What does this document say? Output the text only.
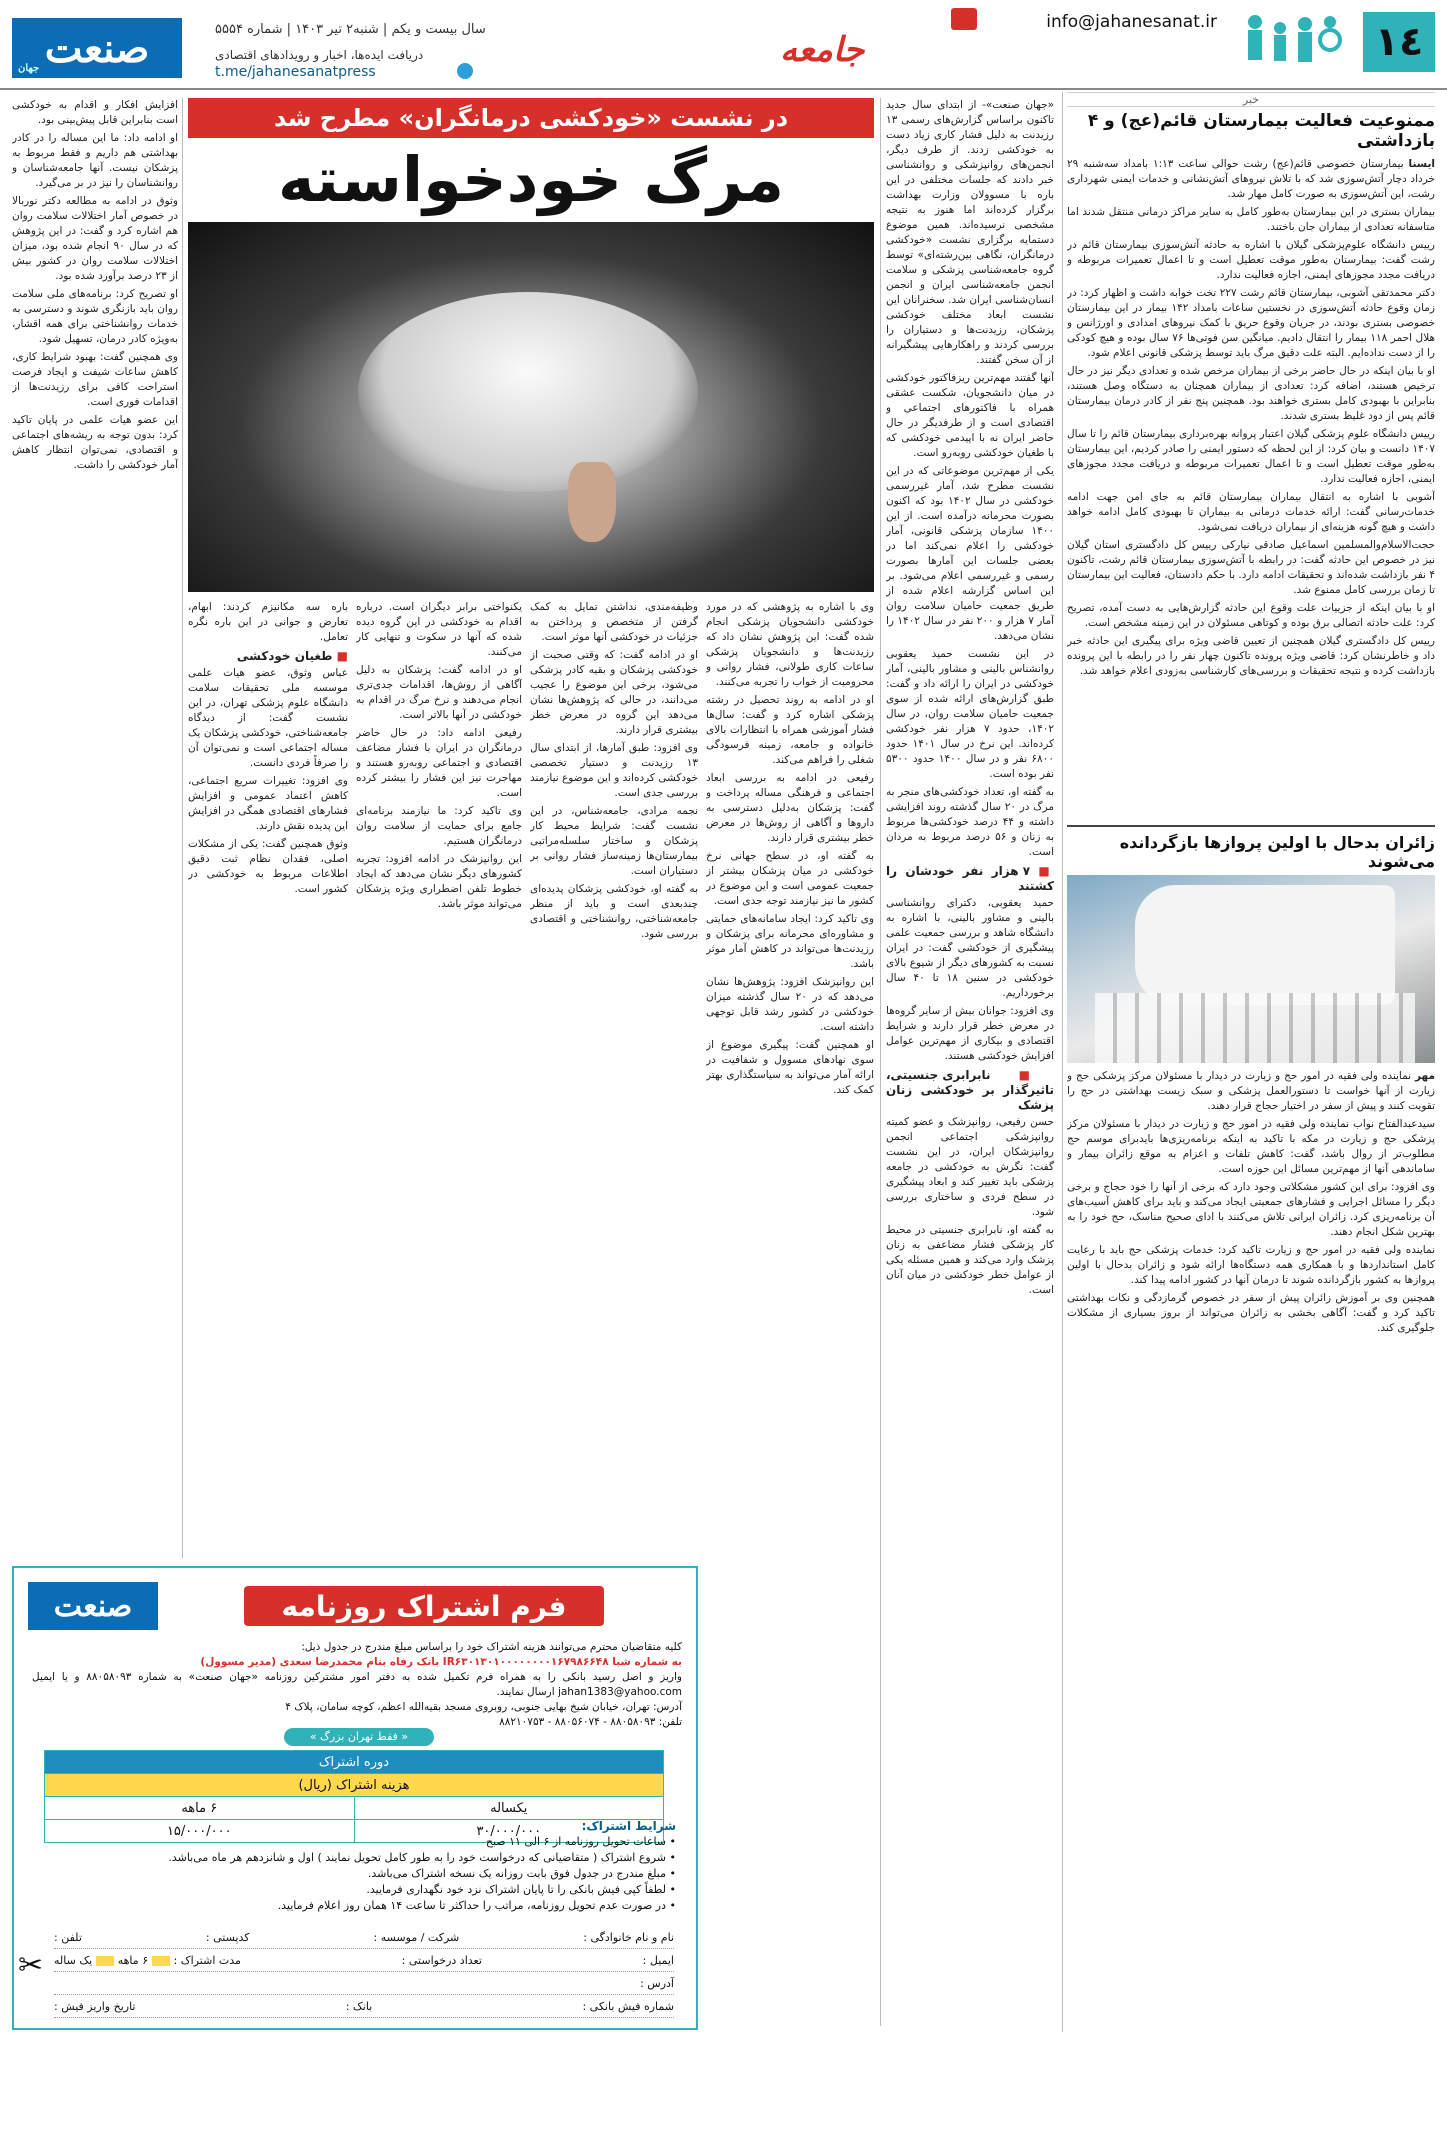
١٤
info@jahanesanat.ir
جامعه
سال بیست و یکم | شنبه۲ تیر ۱۴۰۳ | شماره ۵۵۵۴
دریافت ایده‌ها، اخبار و رویدادهای اقتصادی
t.me/jahanesanatpress
صنعت
جهان
خبر
ممنوعیت فعالیت بیمارستان قائم(عج) و ۴ بازداشتی

ایسنا بیمارستان خصوصی قائم(عج) رشت حوالی ساعت ۱:۱۳ بامداد سه‌شنبه ۲۹ خرداد دچار آتش‌سوزی شد که با تلاش نیروهای آتش‌نشانی و خدمات ایمنی شهرداری رشت، این آتش‌سوزی به صورت کامل مهار شد.

بیماران بستری در این بیمارستان به‌طور کامل به سایر مراکز درمانی منتقل شدند اما متاسفانه تعدادی از بیماران جان باختند.

رییس دانشگاه علوم‌پزشکی گیلان با اشاره به حادثه آتش‌سوزی بیمارستان قائم در رشت گفت: بیمارستان به‌طور موقت تعطیل است و تا اعمال تعمیرات مربوطه و دریافت مجدد مجوزهای ایمنی، اجازه فعالیت ندارد.

دکتر محمدتقی آشوبی، بیمارستان قائم رشت ۲۲۷ تخت خوابه داشت و اظهار کرد: در زمان وقوع حادثه آتش‌سوزی در نخستین ساعات بامداد ۱۴۲ بیمار در این بیمارستان خصوصی بستری بودند، در جریان وقوع حریق با کمک نیروهای امدادی و اورژانس و هلال احمر ۱۱۸ بیمار را انتقال دادیم. میانگین سن فوتی‌ها ۷۶ سال بوده و هیچ کودکی را از دست نداده‌ایم. البته علت دقیق مرگ باید توسط پزشکی قانونی اعلام شود.

او با بیان اینکه در حال حاضر برخی از بیماران مرخص شده و تعدادی دیگر نیز در حال ترخیص هستند، اضافه کرد: تعدادی از بیماران همچنان به دستگاه وصل هستند، بنابراین با بهبودی کامل بستری خواهند بود. همچنین پنج نفر از کادر درمان بیمارستان قائم پس از دود غلیظ بستری شدند.

رییس دانشگاه علوم پزشکی گیلان اعتبار پروانه بهره‌برداری بیمارستان قائم را تا سال ۱۴۰۷ دانست و بیان کرد: از این لحظه که دستور ایمنی را صادر کردیم، این بیمارستان به‌طور موقت تعطیل است و تا اعمال تعمیرات مربوطه و دریافت مجدد مجوزهای ایمنی، اجازه فعالیت ندارد.

آشوبی با اشاره به انتقال بیماران بیمارستان قائم به جای امن جهت ادامه خدمات‌رسانی گفت: ارائه خدمات درمانی به بیماران تا بهبودی کامل ادامه خواهد داشت و هیچ گونه هزینه‌ای از بیماران دریافت نمی‌شود.

حجت‌الاسلام‌والمسلمین اسماعیل صادقی نیارکی رییس کل دادگستری استان گیلان نیز در خصوص این حادثه گفت: در رابطه با آتش‌سوزی بیمارستان قائم رشت، تاکنون ۴ نفر بازداشت شده‌اند و تحقیقات ادامه دارد. با حکم دادستان، فعالیت این بیمارستان تا زمان بررسی کامل ممنوع شد.

او با بیان اینکه از جزییات علت وقوع این حادثه گزارش‌هایی به دست آمده، تصریح کرد: علت حادثه اتصالی برق بوده و کوتاهی مسئولان در این زمینه مشخص است.

رییس کل دادگستری گیلان همچنین از تعیین قاضی ویژه برای پیگیری این حادثه خبر داد و خاطرنشان کرد: قاضی ویژه پرونده تاکنون چهار نفر را در رابطه با این پرونده بازداشت کرده و نتیجه تحقیقات و بررسی‌های کارشناسی به‌زودی اعلام خواهد شد.

زائران بدحال با اولین پروازها بازگردانده می‌شوند

مهر نماینده ولی فقیه در امور حج و زیارت در دیدار با مسئولان مرکز پزشکی حج و زیارت از آنها خواست تا دستورالعمل پزشکی و سبک زیست بهداشتی در حج را تقویت کنند و پیش از سفر در اختیار حجاج قرار دهند.

سیدعبدالفتاح نواب نماینده ولی فقیه در امور حج و زیارت در دیدار با مسئولان مرکز پزشکی حج و زیارت در مکه با تاکید به اینکه برنامه‌ریزی‌ها بایدبرای موسم حج مطلوب‌تر از روال باشد، گفت: کاهش تلفات و اعزام به موقع زائران بیمار و ساماندهی آنها از مهم‌ترین مسائل این حوزه است.

وی افزود: برای این کشور مشکلاتی وجود دارد که برخی از آنها را خود حجاج و برخی دیگر را مسائل اجرایی و فشارهای جمعیتی ایجاد می‌کند و باید برای کاهش آسیب‌های آن برنامه‌ریزی کرد. زائران ایرانی تلاش می‌کنند با ادای صحیح مناسک، حج خود را به بهترین شکل انجام دهند.

نماینده ولی فقیه در امور حج و زیارت تاکید کرد: خدمات پزشکی حج باید با رعایت کامل استانداردها و با همکاری همه دستگاه‌ها ارائه شود و زائران بدحال با اولین پروازها به کشور بازگردانده شوند تا درمان آنها در کشور ادامه پیدا کند.

همچنین وی بر آموزش زائران پیش از سفر در خصوص گرمازدگی و نکات بهداشتی تاکید کرد و گفت: آگاهی بخشی به زائران می‌تواند از بروز بسیاری از مشکلات جلوگیری کند.

در نشست «خودکشی درمانگران» مطرح شد
مرگ خودخواسته

«جهان صنعت»- از ابتدای سال جدید تاکنون براساس گزارش‌های رسمی ۱۳ رزیدنت به دلیل فشار کاری زیاد دست به خودکشی زدند. از طرف دیگر، انجمن‌های روانپزشکی و روانشناسی خبر دادند که جلسات مختلفی در این باره با مسوولان وزارت بهداشت برگزار کرده‌اند اما هنوز به نتیجه مشخصی نرسیده‌اند. همین موضوع دستمایه برگزاری نشست «خودکشی درمانگران، نگاهی بین‌رشته‌ای» توسط گروه جامعه‌شناسی پزشکی و سلامت انجمن جامعه‌شناسی ایران و انجمن انسان‌شناسی ایران شد. سخنرانان این نشست ابعاد مختلف خودکشی پزشکان، رزیدنت‌ها و دستیاران را بررسی کردند و راهکارهایی پیشگیرانه از آن سخن گفتند.

آنها گفتند مهم‌ترین ریزفاکتور خودکشی در میان دانشجویان، شکست عشقی همراه با فاکتورهای اجتماعی و اقتصادی است و از طرفدیگر در حال حاضر ایران نه با اپیدمی خودکشی که با طغیان خودکشی روبه‌رو است.

یکی از مهم‌ترین موضوعاتی که در این نشست مطرح شد، آمار غیررسمی خودکشی در سال ۱۴۰۲ بود که اکنون بصورت محرمانه درآمده است. از این ۱۴۰۰ سازمان پزشکی قانونی، آمار خودکشی را اعلام نمی‌کند اما در بعضی جلسات این آمارها بصورت رسمی و غیررسمی اعلام می‌شود. بر این اساس گزارشه اعلام شده از طریق جمعیت حامیان سلامت روان آمار ۷ هزار و ۲۰۰ نفر در سال ۱۴۰۲ را نشان می‌دهد.

در این نشست حمید یعقوبی روانشناس بالینی و مشاور بالینی، آمار خودکشی در ایران را ارائه داد و گفت: طبق گزارش‌های ارائه شده از سوی جمعیت حامیان سلامت روان، در سال ۱۴۰۲، حدود ۷ هزار نفر خودکشی کرده‌اند. این نرخ در سال ۱۴۰۱ حدود ۶۸۰۰ نفر و در سال ۱۴۰۰ حدود ۵۳۰۰ نفر بوده است.

به گفته او، تعداد خودکشی‌های منجر به مرگ در ۲۰ سال گذشته روند افزایشی داشته و ۴۴ درصد خودکشی‌ها مربوط به زنان و ۵۶ درصد مربوط به مردان است.

■ ۷ هزار نفر خودشان را کشتند

حمید یعقوبی، دکترای روانشناسی بالینی و مشاور بالینی، با اشاره به دانشگاه شاهد و بررسی جمعیت علمی پیشگیری از خودکشی گفت: در ایران نسبت به کشورهای دیگر از شیوع بالای خودکشی در سنین ۱۸ تا ۴۰ سال برخورداریم.

وی افزود: جوانان بیش از سایر گروه‌ها در معرض خطر قرار دارند و شرایط اقتصادی و بیکاری از مهم‌ترین عوامل افزایش خودکشی هستند.

■ نابرابری جنسیتی، تاثیرگذار بر خودکشی زنان پزشک

حسن رفیعی، روانپزشک و عضو کمیته روانپزشکی اجتماعی انجمن روانپزشکان ایران، در این نشست گفت: نگرش به خودکشی در جامعه پزشکی باید تغییر کند و ابعاد پیشگیری در سطح فردی و ساختاری بررسی شود.

به گفته او، نابرابری جنسیتی در محیط کار پزشکی فشار مضاعفی به زنان پزشک وارد می‌کند و همین مسئله یکی از عوامل خطر خودکشی در میان آنان است.

وی با اشاره به پژوهشی که در مورد خودکشی دانشجویان پزشکی انجام شده گفت: این پژوهش نشان داد که رزیدنت‌ها و دانشجویان پزشکی ساعات کاری طولانی، فشار روانی و محرومیت از خواب را تجربه می‌کنند.

او در ادامه به روند تحصیل در رشته پزشکی اشاره کرد و گفت: سال‌ها فشار آموزشی همراه با انتظارات بالای خانواده و جامعه، زمینه فرسودگی شغلی را فراهم می‌کند.

رفیعی در ادامه به بررسی ابعاد اجتماعی و فرهنگی مساله پرداخت و گفت: پزشکان به‌دلیل دسترسی به داروها و آگاهی از روش‌ها در معرض خطر بیشتری قرار دارند.

به گفته او، در سطح جهانی نرخ خودکشی در میان پزشکان بیشتر از جمعیت عمومی است و این موضوع در کشور ما نیز نیازمند توجه جدی است.

وی تاکید کرد: ایجاد سامانه‌های حمایتی و مشاوره‌ای محرمانه برای پزشکان و رزیدنت‌ها می‌تواند در کاهش آمار موثر باشد.

این روانپزشک افزود: پژوهش‌ها نشان می‌دهد که در ۲۰ سال گذشته میزان خودکشی در کشور رشد قابل توجهی داشته است.

او همچنین گفت: پیگیری موضوع از سوی نهادهای مسوول و شفافیت در ارائه آمار می‌تواند به سیاستگذاری بهتر کمک کند.

وظیفه‌مندی، نداشتن تمایل به کمک گرفتن از متخصص و پرداختن به جزئیات در خودکشی آنها موثر است.

او در ادامه گفت: که وقتی صحبت از خودکشی پزشکان و بقیه کادر پزشکی می‌شود، برخی این موضوع را عجیب می‌دانند، در حالی که پژوهش‌ها نشان می‌دهد این گروه در معرض خطر بیشتری قرار دارند.

وی افزود: طبق آمارها، از ابتدای سال ۱۳ رزیدنت و دستیار تخصصی خودکشی کرده‌اند و این موضوع نیازمند بررسی جدی است.

نجمه مرادی، جامعه‌شناس، در این نشست گفت: شرایط محیط کار پزشکان و ساختار سلسله‌مراتبی بیمارستان‌ها زمینه‌ساز فشار روانی بر دستیاران است.

به گفته او، خودکشی پزشکان پدیده‌ای چندبعدی است و باید از منظر جامعه‌شناختی، روانشناختی و اقتصادی بررسی شود.

یکنواختی برابر دیگران است. درباره اقدام به خودکشی در این گروه دیده شده که آنها در سکوت و تنهایی کار می‌کنند.

او در ادامه گفت: پزشکان به دلیل آگاهی از روش‌ها، اقدامات جدی‌تری انجام می‌دهند و نرخ مرگ در اقدام به خودکشی در آنها بالاتر است.

رفیعی ادامه داد: در حال حاضر درمانگران در ایران با فشار مضاعف اقتصادی و اجتماعی روبه‌رو هستند و مهاجرت نیز این فشار را بیشتر کرده است.

وی تاکید کرد: ما نیازمند برنامه‌ای جامع برای حمایت از سلامت روان درمانگران هستیم.

این روانپزشک در ادامه افزود: تجربه کشورهای دیگر نشان می‌دهد که ایجاد خطوط تلفن اضطراری ویژه پزشکان می‌تواند موثر باشد.

باره سه مکانیزم کردند: ابهام، تعارض و جوانی در این باره نگره تعامل.

■ طغیان خودکشی

عباس وثوق، عضو هیات علمی موسسه ملی تحقیقات سلامت دانشگاه علوم پزشکی تهران، در این نشست گفت: از دیدگاه جامعه‌شناختی، خودکشی پزشکان یک مساله اجتماعی است و نمی‌توان آن را صرفاً فردی دانست.

وی افزود: تغییرات سریع اجتماعی، کاهش اعتماد عمومی و افزایش فشارهای اقتصادی همگی در افزایش این پدیده نقش دارند.

وثوق همچنین گفت: یکی از مشکلات اصلی، فقدان نظام ثبت دقیق اطلاعات مربوط به خودکشی در کشور است.

افزایش افکار و اقدام به خودکشی است بنابراین قابل پیش‌بینی بود.

او ادامه داد: ما این مساله را در کادر بهداشتی هم داریم و فقط مربوط به پزشکان نیست. آنها جامعه‌شناسان و روانشناسان را نیز در بر می‌گیرد.

وثوق در ادامه به مطالعه دکتر نوربالا در خصوص آمار اختلالات سلامت روان هم اشاره کرد و گفت: در این پژوهش که در سال ۹۰ انجام شده بود، میزان اختلالات سلامت روان در کشور بیش از ۲۳ درصد برآورد شده بود.

او تصریح کرد: برنامه‌های ملی سلامت روان باید بازنگری شوند و دسترسی به خدمات روانشناختی برای همه اقشار، به‌ویژه کادر درمان، تسهیل شود.

وی همچنین گفت: بهبود شرایط کاری، کاهش ساعات شیفت و ایجاد فرصت استراحت کافی برای رزیدنت‌ها از اقدامات فوری است.

این عضو هیات علمی در پایان تاکید کرد: بدون توجه به ریشه‌های اجتماعی و اقتصادی، نمی‌توان انتظار کاهش آمار خودکشی را داشت.

صنعت	فرم اشتراک روزنامه
کلیه متقاضیان محترم می‌توانند هزینه اشتراک خود را براساس مبلغ مندرج در جدول ذیل:
به شماره شبا IR۶۳۰۱۳۰۱۰۰۰۰۰۰۰۰۱۶۷۹۸۶۶۴۸ بانک رفاه بنام محمدرضا سعدی (مدیر مسوول)
واریز و اصل رسید بانکی را به همراه فرم تکمیل شده به دفتر امور مشترکین روزنامه «جهان صنعت» به شماره ۸۸۰۵۸۰۹۳ و یا ایمیل jahan1383@yahoo.com ارسال نمایند.
آدرس: تهران، خیابان شیخ بهایی جنوبی، روبروی مسجد بقیه‌الله اعظم، کوچه سامان، پلاک ۴
تلفن: ۸۸۰۵۸۰۹۳ - ۸۸۰۵۶۰۷۴ - ۸۸۲۱۰۷۵۳
« فقط تهران بزرگ »
دوره اشتراک	
هزینه اشتراک (ریال)	
یکساله	۶ ماهه
۳۰/۰۰۰/۰۰۰	۱۵/۰۰۰/۰۰۰	شرایط اشتراک:
• ساعات تحویل روزنامه از ۶ الی ۱۱ صبح
• شروع اشتراک ( متقاضیانی که درخواست خود را به طور کامل تحویل نمایند ) اول و شانزدهم هر ماه می‌باشد.
• مبلغ مندرج در جدول فوق بابت روزانه یک نسخه اشتراک می‌باشد.
• لطفاً کپی فیش بانکی را تا پایان اشتراک نزد خود نگهداری فرمایید.
• در صورت عدم تحویل روزنامه، مراتب را حداکثر تا ساعت ۱۴ همان روز اعلام فرمایید.
نام و نام خانوادگی :
شرکت / موسسه :
کدپستی :
تلفن :
ایمیل :
تعداد درخواستی :
مدت اشتراک : ۶ ماهه یک ساله
آدرس :
شماره فیش بانکی :
بانک :
تاریخ واریز فیش :
✂
